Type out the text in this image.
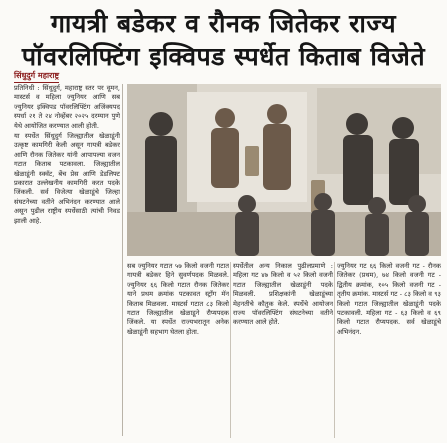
गायत्री बडेकर व रौनक जितेकर राज्य
पॉवरलिफ्टिंग इक्विपड स्पर्धेत किताब विजेते
सिंधुदुर्ग महाराष्ट्र

प्रतिनिधी : सिंधुदुर्ग, महाराष्ट्र स्तर पर वूमन, मास्टर्स व महिला ज्युनियर आणि सब ज्युनियर इक्विपड पॉवरलिफ्टिंग अजिंक्यपद स्पर्धा २१ ते २४ नोव्हेंबर २०२५ दरम्यान पुणे येथे आयोजित करण्यात आली होती.

या स्पर्धेत सिंधुदुर्ग जिल्ह्यातील खेळाडूंनी उत्कृष्ट कामगिरी केली असून गायत्री बडेकर आणि रौनक जितेकर यांनी आपापल्या वजन गटात किताब पटकावला. जिल्ह्यातील खेळाडूंनी स्क्वॅट, बेंच प्रेस आणि डेडलिफ्ट प्रकारात उल्लेखनीय कामगिरी करत पदके जिंकली. सर्व विजेत्या खेळाडूंचे जिल्हा संघटनेच्या वतीने अभिनंदन करण्यात आले असून पुढील राष्ट्रीय स्पर्धेसाठी त्यांची निवड झाली आहे.

सब ज्युनियर गटात ५७ किलो वजनी गटात गायत्री बडेकर हिने सुवर्णपदक मिळवले. ज्युनियर ६६ किलो गटात रौनक जितेकर याने प्रथम क्रमांक पटकावत स्ट्राँग मॅन किताब मिळवला. मास्टर्स गटात ८३ किलो गटात जिल्ह्यातील खेळाडूने रौप्यपदक जिंकले. या स्पर्धेत राज्यभरातून अनेक खेळाडूंनी सहभाग घेतला होता.
स्पर्धेतील अन्य निकाल पुढीलप्रमाणे : महिला गट ४७ किलो व ५२ किलो वजनी गटात जिल्ह्यातील खेळाडूंनी पदके मिळवली. प्रशिक्षकांनी खेळाडूंच्या मेहनतीचे कौतुक केले. स्पर्धेचे आयोजन राज्य पॉवरलिफ्टिंग संघटनेच्या वतीने करण्यात आले होते.
ज्युनियर गट ६६ किलो वजनी गट - रौनक जितेकर (प्रथम), ७४ किलो वजनी गट - द्वितीय क्रमांक, १०५ किलो वजनी गट - तृतीय क्रमांक. मास्टर्स गट - ८३ किलो व ९३ किलो गटात जिल्ह्यातील खेळाडूंनी पदके पटकावली. महिला गट - ६३ किलो व ६९ किलो गटात रौप्यपदक. सर्व खेळाडूंचे अभिनंदन.
